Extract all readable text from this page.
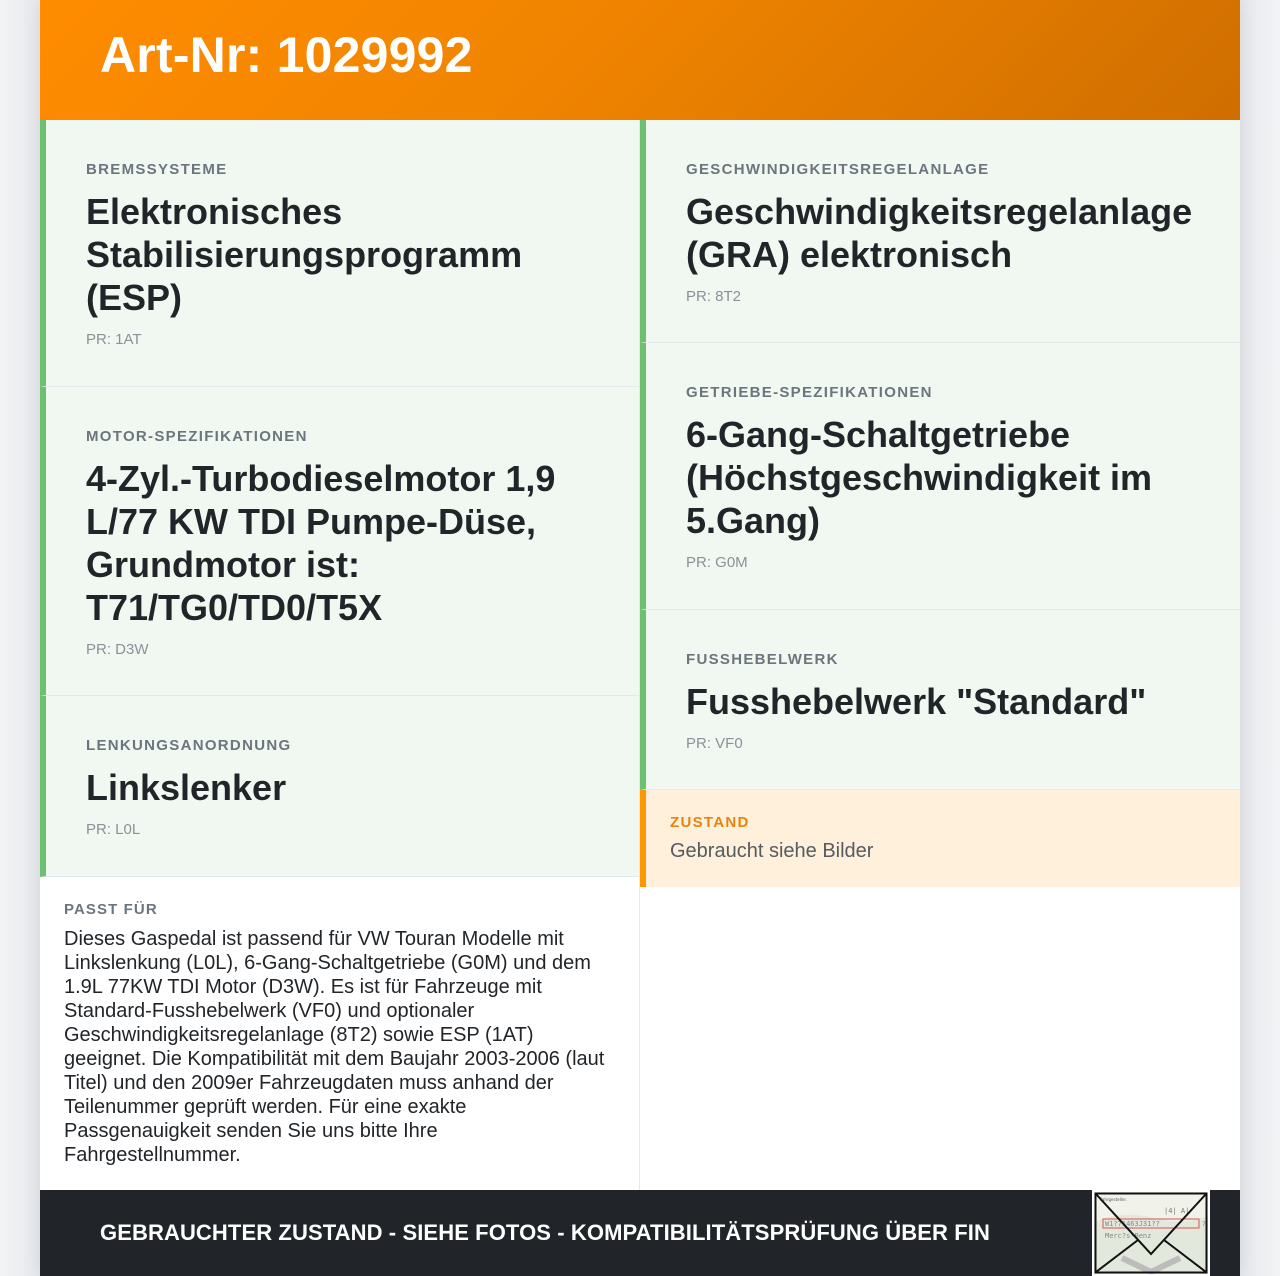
Art-Nr: 1029992
BREMSSYSTEME
Elektronisches Stabilisierungsprogramm (ESP)
PR: 1AT
MOTOR-SPEZIFIKATIONEN
4-Zyl.-Turbodieselmotor 1,9 L/77 KW TDI Pumpe-Düse, Grundmotor ist: T71/TG0/TD0/T5X
PR: D3W
LENKUNGSANORDNUNG
Linkslenker
PR: L0L
PASST FÜR
Dieses Gaspedal ist passend für VW Touran Modelle mit Linkslenkung (L0L), 6-Gang-Schaltgetriebe (G0M) und dem 1.9L 77KW TDI Motor (D3W). Es ist für Fahrzeuge mit Standard-Fusshebelwerk (VF0) und optionaler Geschwindigkeitsregelanlage (8T2) sowie ESP (1AT) geeignet. Die Kompatibilität mit dem Baujahr 2003-2006 (laut Titel) und den 2009er Fahrzeugdaten muss anhand der Teilenummer geprüft werden. Für eine exakte Passgenauigkeit senden Sie uns bitte Ihre Fahrgestellnummer.
GESCHWINDIGKEITSREGELANLAGE
Geschwindigkeitsregelanlage (GRA) elektronisch
PR: 8T2
GETRIEBE-SPEZIFIKATIONEN
6-Gang-Schaltgetriebe (Höchstgeschwindigkeit im 5.Gang)
PR: G0M
FUSSHEBELWERK
Fusshebelwerk "Standard"
PR: VF0
ZUSTAND
Gebraucht siehe Bilder
GEBRAUCHTER ZUSTAND - SIEHE FOTOS - KOMPATIBILITÄTSPRÜFUNG ÜBER FIN
Fahrgestellnr.
|4| A|
W1?71463J31??	7
Merc?s-Benz
